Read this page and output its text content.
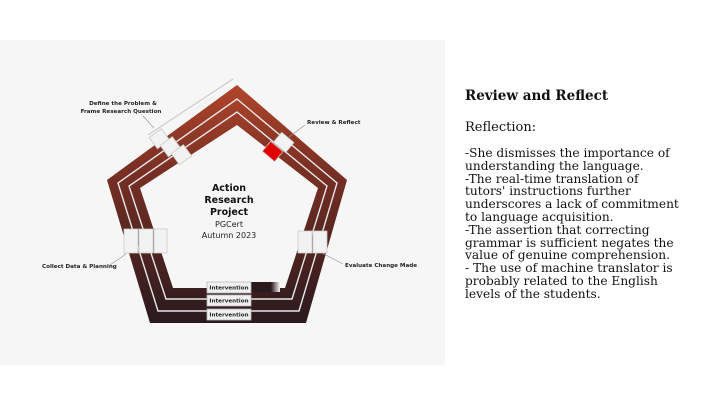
Intervention
Intervention
Intervention
Define the Problem &
Frame Research Question
Review & Reflect
Collect Data & Planning	Evaluate Change Made
Action
Research
Project
PGCert
Autumn 2023
Review and Reflect
Reflection:
-She dismisses the importance of
understanding the language.
-The real-time translation of
tutors' instructions further
underscores a lack of commitment
to language acquisition.
-The assertion that correcting
grammar is sufficient negates the
value of genuine comprehension.
- The use of machine translator is
probably related to the English
levels of the students.
